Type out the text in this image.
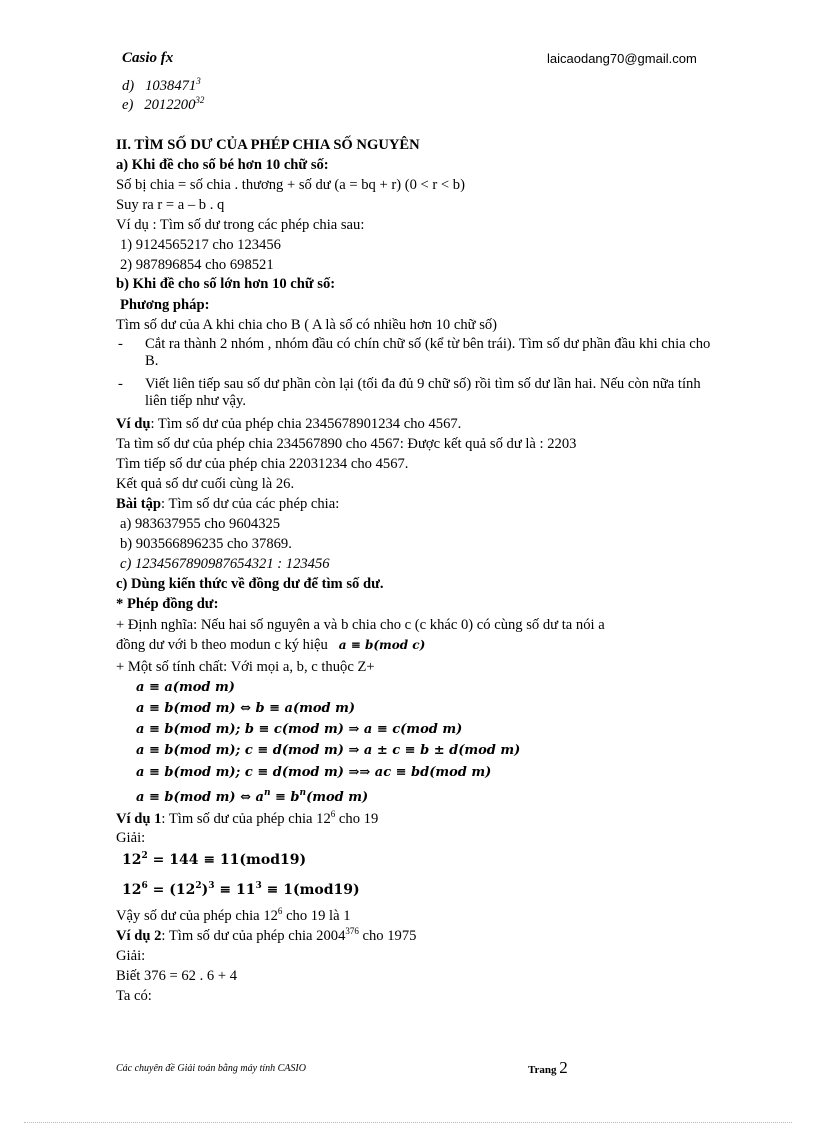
Casio fx	laicaodang70@gmail.com
d) 1038471$^3$
e) 2012200$^{32}$
II. TÌM SỐ DƯ CỦA PHÉP CHIA SỐ NGUYÊN
a) Khi đề cho số bé hơn 10 chữ số:
Số bị chia = số chia . thương + số dư (a = bq + r) (0 < r < b)
Suy ra r = a – b . q
Ví dụ : Tìm số dư trong các phép chia sau:
1) 9124565217 cho 123456
2) 987896854 cho 698521
b) Khi đề cho số lớn hơn 10 chữ số:
Phương pháp:
Tìm số dư của A khi chia cho B ( A là số có nhiều hơn 10 chữ số)
- Cắt ra thành 2 nhóm , nhóm đầu có chín chữ số (kể từ bên trái). Tìm số dư phần đầu khi chia cho B.
- Viết liên tiếp sau số dư phần còn lại (tối đa đủ 9 chữ số) rồi tìm số dư lần hai. Nếu còn nữa tính liên tiếp như vậy.
Ví dụ: Tìm số dư của phép chia 2345678901234 cho 4567.
Ta tìm số dư của phép chia 234567890 cho 4567: Được kết quả số dư là : 2203
Tìm tiếp số dư của phép chia 22031234 cho 4567.
Kết quả số dư cuối cùng là 26.
Bài tập: Tìm số dư của các phép chia:
a) 983637955 cho 9604325
b) 903566896235 cho 37869.
c) 1234567890987654321 : 123456
c) Dùng kiến thức về đồng dư để tìm số dư.
* Phép đồng dư:
+ Định nghĩa: Nếu hai số nguyên a và b chia cho c (c khác 0) có cùng số dư ta nói a
đồng dư với b theo modun c ký hiệu a ≡ b(mod c)
+ Một số tính chất: Với mọi a, b, c thuộc Z+
a ≡ a(mod m)
a ≡ b(mod m) ⇔ b ≡ a(mod m)
a ≡ b(mod m); b ≡ c(mod m) ⇒ a ≡ c(mod m)
a ≡ b(mod m); c ≡ d(mod m) ⇒ a ± c ≡ b ± d(mod m)
a ≡ b(mod m); c ≡ d(mod m) ⇒⇒ ac ≡ bd(mod m)
a ≡ b(mod m) ⇔ $a^n \equiv b^n(mod$ m)
Ví dụ 1: Tìm số dư của phép chia $12^6$ cho 19
Giải:
$12^2 = 144 \equiv 11(mod19)$
$12^6 = (12^2)^3 \equiv 11^3 \equiv 1(mod19)$
Vậy số dư của phép chia $12^6$ cho 19 là 1
Ví dụ 2: Tìm số dư của phép chia 2004$^{376}$ cho 1975
Giải:
Biết 376 = 62 . 6 + 4
Ta có:
Các chuyên đề Giải toán bằng máy tính CASIO	Trang 2
